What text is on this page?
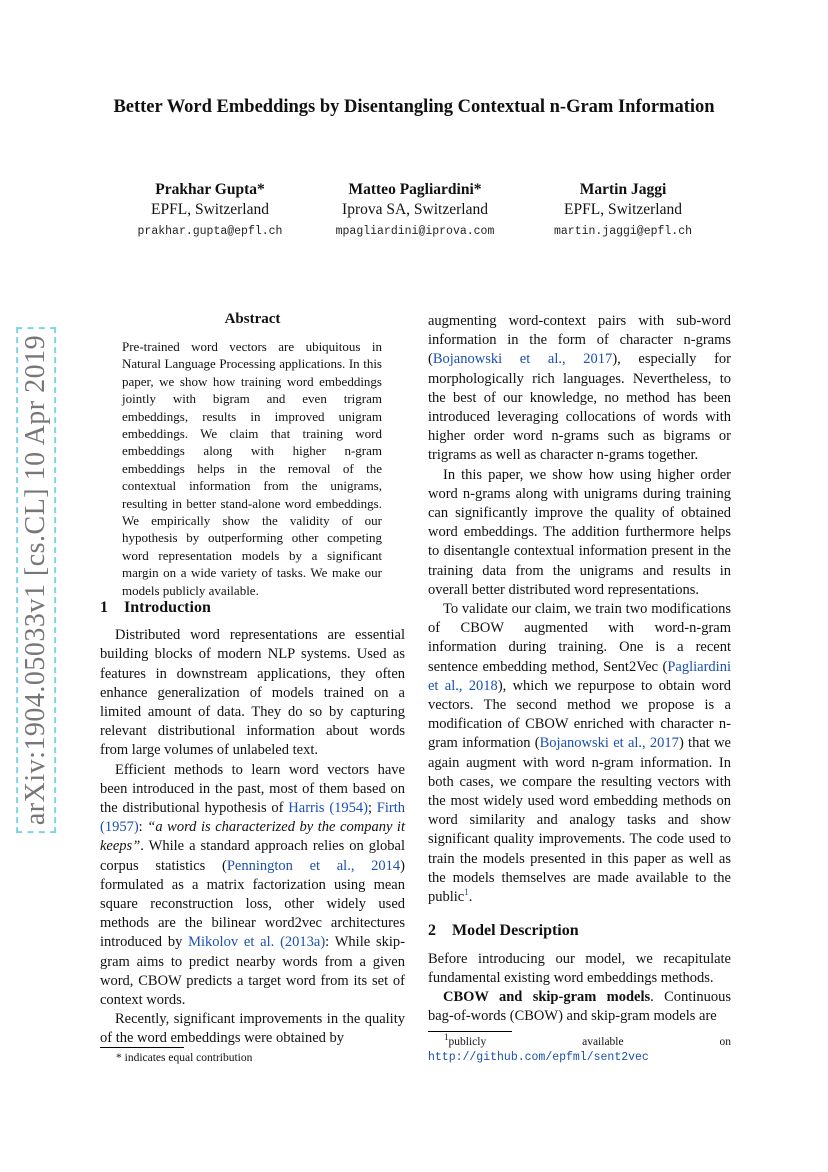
Better Word Embeddings by Disentangling Contextual n-Gram Information
Prakhar Gupta*
EPFL, Switzerland
prakhar.gupta@epfl.ch
Matteo Pagliardini*
Iprova SA, Switzerland
mpagliardini@iprova.com
Martin Jaggi
EPFL, Switzerland
martin.jaggi@epfl.ch
arXiv:1904.05033v1 [cs.CL] 10 Apr 2019
Abstract
Pre-trained word vectors are ubiquitous in Natural Language Processing applications. In this paper, we show how training word embeddings jointly with bigram and even trigram embeddings, results in improved unigram embeddings. We claim that training word embeddings along with higher n-gram embeddings helps in the removal of the contextual information from the unigrams, resulting in better stand-alone word embeddings. We empirically show the validity of our hypothesis by outperforming other competing word representation models by a significant margin on a wide variety of tasks. We make our models publicly available.
1 Introduction

Distributed word representations are essential building blocks of modern NLP systems. Used as features in downstream applications, they often enhance generalization of models trained on a limited amount of data. They do so by capturing relevant distributional information about words from large volumes of unlabeled text.

Efficient methods to learn word vectors have been introduced in the past, most of them based on the distributional hypothesis of Harris (1954); Firth (1957): “a word is characterized by the company it keeps”. While a standard approach relies on global corpus statistics (Pennington et al., 2014) formulated as a matrix factorization using mean square reconstruction loss, other widely used methods are the bilinear word2vec architectures introduced by Mikolov et al. (2013a): While skip-gram aims to predict nearby words from a given word, CBOW predicts a target word from its set of context words.

Recently, significant improvements in the quality of the word embeddings were obtained by

* indicates equal contribution

augmenting word-context pairs with sub-word information in the form of character n-grams (Bojanowski et al., 2017), especially for morphologically rich languages. Nevertheless, to the best of our knowledge, no method has been introduced leveraging collocations of words with higher order word n-grams such as bigrams or trigrams as well as character n-grams together.

In this paper, we show how using higher order word n-grams along with unigrams during training can significantly improve the quality of obtained word embeddings. The addition furthermore helps to disentangle contextual information present in the training data from the unigrams and results in overall better distributed word representations.

To validate our claim, we train two modifications of CBOW augmented with word-n-gram information during training. One is a recent sentence embedding method, Sent2Vec (Pagliardini et al., 2018), which we repurpose to obtain word vectors. The second method we propose is a modification of CBOW enriched with character n-gram information (Bojanowski et al., 2017) that we again augment with word n-gram information. In both cases, we compare the resulting vectors with the most widely used word embedding methods on word similarity and analogy tasks and show significant quality improvements. The code used to train the models presented in this paper as well as the models themselves are made available to the public$^1$.

2 Model Description

Before introducing our model, we recapitulate fundamental existing word embeddings methods.

CBOW and skip-gram models. Continuous bag-of-words (CBOW) and skip-gram models are

$^1$publicly	available	on
http://github.com/epfml/sent2vec
